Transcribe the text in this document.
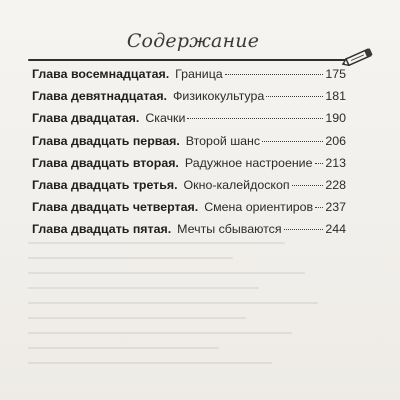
Содержание
Глава восемнадцатая. Граница	175
Глава девятнадцатая. Физикокультура	181
Глава двадцатая. Скачки	190
Глава двадцать первая. Второй шанс	206
Глава двадцать вторая. Радужное настроение 213
Глава двадцать третья. Окно-калейдоскоп	228
Глава двадцать четвертая. Смена ориентиров 237
Глава двадцать пятая. Мечты сбываются	244
